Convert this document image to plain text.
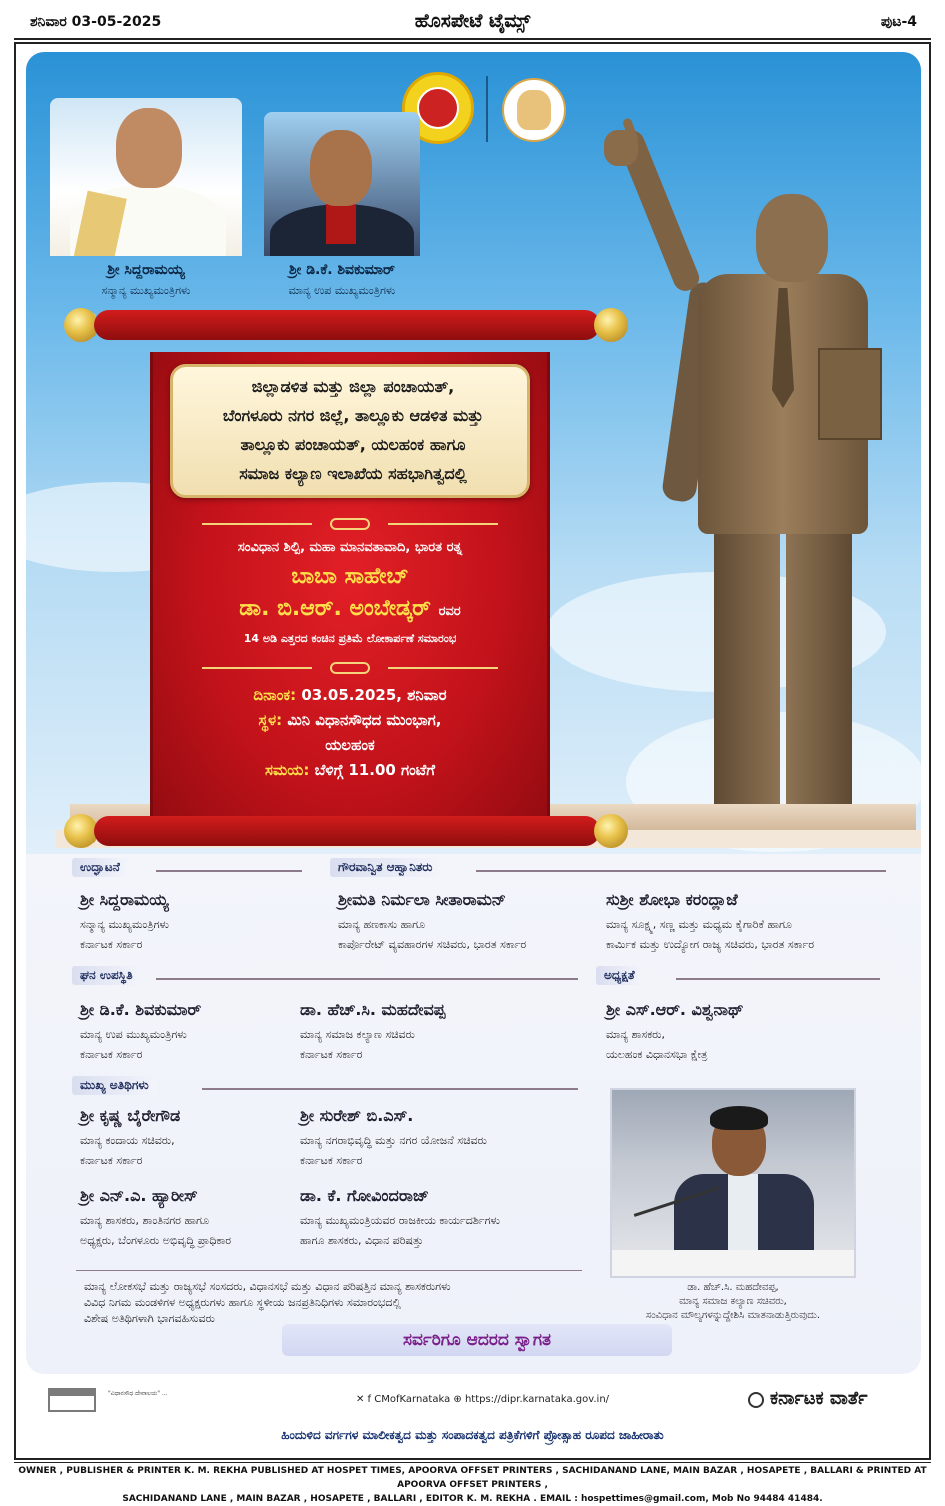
ಶನಿವಾರ 03-05-2025	ಹೊಸಪೇಟೆ ಟೈಮ್ಸ್	ಪುಟ-4
ಶ್ರೀ ಸಿದ್ದರಾಮಯ್ಯ
ಸನ್ಮಾನ್ಯ ಮುಖ್ಯಮಂತ್ರಿಗಳು
ಶ್ರೀ ಡಿ.ಕೆ. ಶಿವಕುಮಾರ್
ಮಾನ್ಯ ಉಪ ಮುಖ್ಯಮಂತ್ರಿಗಳು
ಜಿಲ್ಲಾಡಳಿತ ಮತ್ತು ಜಿಲ್ಲಾ ಪಂಚಾಯತ್,
ಬೆಂಗಳೂರು ನಗರ ಜಿಲ್ಲೆ, ತಾಲ್ಲೂಕು ಆಡಳಿತ ಮತ್ತು
ತಾಲ್ಲೂಕು ಪಂಚಾಯತ್, ಯಲಹಂಕ ಹಾಗೂ
ಸಮಾಜ ಕಲ್ಯಾಣ ಇಲಾಖೆಯ ಸಹಭಾಗಿತ್ವದಲ್ಲಿ
ಸಂವಿಧಾನ ಶಿಲ್ಪಿ, ಮಹಾ ಮಾನವತಾವಾದಿ, ಭಾರತ ರತ್ನ
ಬಾಬಾ ಸಾಹೇಬ್
ಡಾ. ಬಿ.ಆರ್. ಅಂಬೇಡ್ಕರ್ ರವರ
14 ಅಡಿ ಎತ್ತರದ ಕಂಚಿನ ಪ್ರತಿಮೆ ಲೋಕಾರ್ಪಣೆ ಸಮಾರಂಭ
ದಿನಾಂಕ: 03.05.2025, ಶನಿವಾರ
ಸ್ಥಳ: ಮಿನಿ ವಿಧಾನಸೌಧದ ಮುಂಭಾಗ,
ಯಲಹಂಕ
ಸಮಯ: ಬೆಳಿಗ್ಗೆ 11.00 ಗಂಟೆಗೆ
ಉದ್ಘಾಟನೆ	ಗೌರವಾನ್ವಿತ ಆಹ್ವಾನಿತರು
ಶ್ರೀ ಸಿದ್ದರಾಮಯ್ಯ
ಸನ್ಮಾನ್ಯ ಮುಖ್ಯಮಂತ್ರಿಗಳು
ಕರ್ನಾಟಕ ಸರ್ಕಾರ
ಶ್ರೀಮತಿ ನಿರ್ಮಲಾ ಸೀತಾರಾಮನ್
ಮಾನ್ಯ ಹಣಕಾಸು ಹಾಗೂ
ಕಾರ್ಪೊರೇಟ್ ವ್ಯವಹಾರಗಳ ಸಚಿವರು, ಭಾರತ ಸರ್ಕಾರ
ಸುಶ್ರೀ ಶೋಭಾ ಕರಂದ್ಲಾಜೆ
ಮಾನ್ಯ ಸೂಕ್ಷ್ಮ, ಸಣ್ಣ ಮತ್ತು ಮಧ್ಯಮ ಕೈಗಾರಿಕೆ ಹಾಗೂ
ಕಾರ್ಮಿಕ ಮತ್ತು ಉದ್ಯೋಗ ರಾಜ್ಯ ಸಚಿವರು, ಭಾರತ ಸರ್ಕಾರ
ಘನ ಉಪಸ್ಥಿತಿ	ಅಧ್ಯಕ್ಷತೆ
ಶ್ರೀ ಡಿ.ಕೆ. ಶಿವಕುಮಾರ್
ಮಾನ್ಯ ಉಪ ಮುಖ್ಯಮಂತ್ರಿಗಳು
ಕರ್ನಾಟಕ ಸರ್ಕಾರ
ಡಾ. ಹೆಚ್.ಸಿ. ಮಹದೇವಪ್ಪ
ಮಾನ್ಯ ಸಮಾಜ ಕಲ್ಯಾಣ ಸಚಿವರು
ಕರ್ನಾಟಕ ಸರ್ಕಾರ
ಶ್ರೀ ಎಸ್.ಆರ್. ವಿಶ್ವನಾಥ್
ಮಾನ್ಯ ಶಾಸಕರು,
ಯಲಹಂಕ ವಿಧಾನಸಭಾ ಕ್ಷೇತ್ರ
ಮುಖ್ಯ ಅತಿಥಿಗಳು
ಶ್ರೀ ಕೃಷ್ಣ ಬೈರೇಗೌಡ
ಮಾನ್ಯ ಕಂದಾಯ ಸಚಿವರು,
ಕರ್ನಾಟಕ ಸರ್ಕಾರ
ಶ್ರೀ ಸುರೇಶ್ ಬಿ.ಎಸ್.
ಮಾನ್ಯ ನಗರಾಭಿವೃದ್ಧಿ ಮತ್ತು ನಗರ ಯೋಜನೆ ಸಚಿವರು
ಕರ್ನಾಟಕ ಸರ್ಕಾರ
ಶ್ರೀ ಎನ್.ಎ. ಹ್ಯಾರೀಸ್
ಮಾನ್ಯ ಶಾಸಕರು, ಶಾಂತಿನಗರ ಹಾಗೂ
ಅಧ್ಯಕ್ಷರು, ಬೆಂಗಳೂರು ಅಭಿವೃದ್ಧಿ ಪ್ರಾಧಿಕಾರ
ಡಾ. ಕೆ. ಗೋವಿಂದರಾಜ್
ಮಾನ್ಯ ಮುಖ್ಯಮಂತ್ರಿಯವರ ರಾಜಕೀಯ ಕಾರ್ಯದರ್ಶಿಗಳು
ಹಾಗೂ ಶಾಸಕರು, ವಿಧಾನ ಪರಿಷತ್ತು
ಡಾ. ಹೆಚ್.ಸಿ. ಮಹದೇವಪ್ಪ,
ಮಾನ್ಯ ಸಮಾಜ ಕಲ್ಯಾಣ ಸಚಿವರು,
ಸಂವಿಧಾನ ಮೌಲ್ಯಗಳನ್ನುದ್ದೇಶಿಸಿ ಮಾತನಾಡುತ್ತಿರುವುದು.
ಮಾನ್ಯ ಲೋಕಸಭೆ ಮತ್ತು ರಾಜ್ಯಸಭೆ ಸಂಸದರು, ವಿಧಾನಸಭೆ ಮತ್ತು ವಿಧಾನ ಪರಿಷತ್ತಿನ ಮಾನ್ಯ ಶಾಸಕರುಗಳು
ವಿವಿಧ ನಿಗಮ ಮಂಡಳಿಗಳ ಅಧ್ಯಕ್ಷರುಗಳು ಹಾಗೂ ಸ್ಥಳೀಯ ಜನಪ್ರತಿನಿಧಿಗಳು ಸಮಾರಂಭದಲ್ಲಿ
ವಿಶೇಷ ಅತಿಥಿಗಳಾಗಿ ಭಾಗವಹಿಸುವರು
ಸರ್ವರಿಗೂ ಆದರದ ಸ್ವಾಗತ
"ವಿಧಾನಸೌಧ ದೇವಾಲಯ" ...
✕ f CMofKarnataka ⊕ https://dipr.karnataka.gov.in/	ಕರ್ನಾಟಕ ವಾರ್ತೆ
ಹಿಂದುಳಿದ ವರ್ಗಗಳ ಮಾಲೀಕತ್ವದ ಮತ್ತು ಸಂಪಾದಕತ್ವದ ಪತ್ರಿಕೆಗಳಿಗೆ ಪ್ರೋತ್ಸಾಹ ರೂಪದ ಜಾಹೀರಾತು
OWNER , PUBLISHER & PRINTER K. M. REKHA PUBLISHED AT HOSPET TIMES, APOORVA OFFSET PRINTERS , SACHIDANAND LANE, MAIN BAZAR , HOSAPETE , BALLARI & PRINTED AT APOORVA OFFSET PRINTERS ,
SACHIDANAND LANE , MAIN BAZAR , HOSAPETE , BALLARI , EDITOR K. M. REKHA . EMAIL : hospettimes@gmail.com, Mob No 94484 41484.
